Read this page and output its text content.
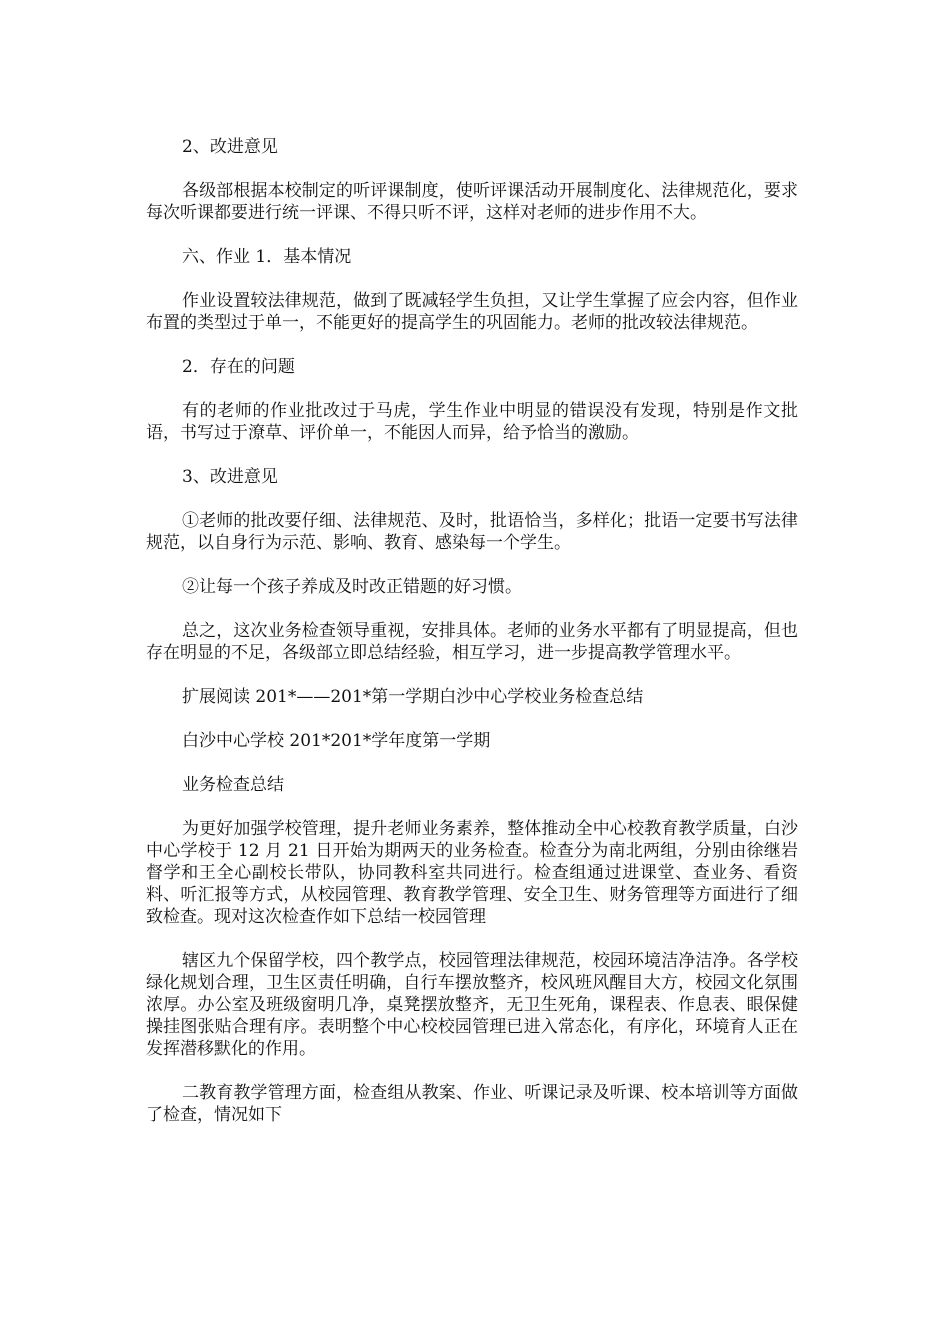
2、改进意见

各级部根据本校制定的听评课制度，使听评课活动开展制度化、法律规范化，要求每次听课都要进行统一评课、不得只听不评，这样对老师的进步作用不大。

六、作业 1．基本情况

作业设置较法律规范，做到了既减轻学生负担，又让学生掌握了应会内容，但作业布置的类型过于单一，不能更好的提高学生的巩固能力。老师的批改较法律规范。

2．存在的问题

有的老师的作业批改过于马虎，学生作业中明显的错误没有发现，特别是作文批语，书写过于潦草、评价单一，不能因人而异，给予恰当的激励。

3、改进意见

①老师的批改要仔细、法律规范、及时，批语恰当，多样化；批语一定要书写法律规范，以自身行为示范、影响、教育、感染每一个学生。

②让每一个孩子养成及时改正错题的好习惯。

总之，这次业务检查领导重视，安排具体。老师的业务水平都有了明显提高，但也存在明显的不足，各级部立即总结经验，相互学习，进一步提高教学管理水平。

扩展阅读 201*——201*第一学期白沙中心学校业务检查总结

白沙中心学校 201*201*学年度第一学期

业务检查总结

为更好加强学校管理，提升老师业务素养，整体推动全中心校教育教学质量，白沙中心学校于 12 月 21 日开始为期两天的业务检查。检查分为南北两组，分别由徐继岩督学和王全心副校长带队，协同教科室共同进行。检查组通过进课堂、查业务、看资料、听汇报等方式，从校园管理、教育教学管理、安全卫生、财务管理等方面进行了细致检查。现对这次检查作如下总结一校园管理

辖区九个保留学校，四个教学点，校园管理法律规范，校园环境洁净洁净。各学校绿化规划合理，卫生区责任明确，自行车摆放整齐，校风班风醒目大方，校园文化氛围浓厚。办公室及班级窗明几净，桌凳摆放整齐，无卫生死角，课程表、作息表、眼保健操挂图张贴合理有序。表明整个中心校校园管理已进入常态化，有序化，环境育人正在发挥潜移默化的作用。

二教育教学管理方面，检查组从教案、作业、听课记录及听课、校本培训等方面做了检查，情况如下
